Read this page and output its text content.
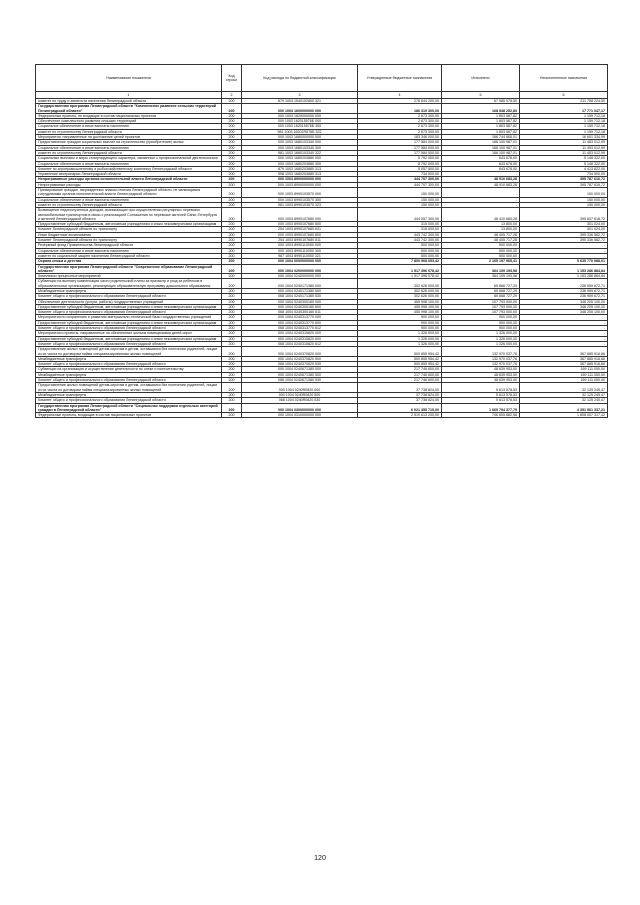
Наименование показателя	Код строки	Код расхода по бюджетной классификации	Утвержденные бюджетные назначения	Исполнено	Неисполненные назначения
1	2	3	4	5	6
комитет по труду и занятости населения Ленинградской области	200	879 1003 1540152800 321	278 844 200,00	67 085 975,50	211 758 224,50
Государственная программа Ленинградской области "Комплексное развитие сельских территорий Ленинградской области"	200	000 1003 1600000000 000	186 319 300,00	168 548 252,83	17 771 047,17
Федеральные проекты, не входящие в состав национальных проектов	200	000 1003 1620000000 000	2 673 300,00	1 803 587,82	1 159 712,18
Обеспечение комплексного развития сельских территорий	200	000 1003 162015576Б 000	2 673 300,00	1 803 587,82	1 159 712,18
Социальное обеспечение и иные выплаты населению	200	000 1003 162015576Б 300	2 673 300,00	1 803 587,82	1 159 712,18
комитет по строительству Ленинградской области	200	981 1003 16201R576Б 322	2 673 300,00	1 803 587,82	1 159 712,18
Мероприятия, направленные на достижение целей проектов	200	000 1003 1680000000 000	183 346 000,00	166 744 665,01	16 601 334,99
Предоставление граждан социальных выплат на строительство (приобретение) жилья	200	000 1003 1680103340 000	177 584 000,00	166 100 987,01	11 483 012,99
Социальное обеспечение и иные выплаты населению	200	000 1003 1680103340 300	177 584 000,00	166 100 987,01	11 453 012,99
комитет по строительству Ленинградской области	200	981 1003 1680103340 322	177 584 000,00	166 100 987,01	11 453 012,99
Социальные выплаты и меры стимулирующего характера, связанные с профессиональной деятельностью	200	000 1003 1680203880 000	5 792 000,00	643 678,00	5 148 322,00
Социальное обеспечение и иные выплаты населению	200	000 1003 1680203880 300	5 792 000,00	643 678,00	5 148 322,00
Комитет по агропромышленному и рыбохозяйственному комплексу Ленинградской области	200	879 1003 1680203880 313	5 057 500,00	643 678,00	4 413 822,00
Управление ветеринарии Ленинградской области	200	998 1003 1680203880 313	734 500,00	-	734 500,00
Непрограммные расходы органов исполнительной власти Ленинградской области	200	000 1003 8900000000 000	444 707 300,00	48 910 683,28	395 787 616,72
Непрограммные расходы	200	000 1003 8990000000 000	444 707 300,00	48 910 683,28	395 787 616,72
Премирование граждан, награжденных знаком отличия Ленинградской области, не являющимся сотрудниками органов исполнительной власти Ленинградской области	200	000 1003 8990103570 000	150 000,00	-	150 000,00
Социальное обеспечение и иные выплаты населению	200	000 1003 8990103570 300	150 000,00	-	150 000,00
комитет по строительству Ленинградской области	200	981 1003 8990103570 323	150 000,00	-	150 000,00
Возмещение недополученных доходов, возникающих при осуществлении регулярных перевозок автомобильным транспортом в связи с реализацией Соглашения по перевозке жителей Санкт-Петербурга и жителей Ленинградской области	200	000 1003 8990107680 000	444 057 300,00	48 410 683,28	395 637 616,72
Предоставление субсидий бюджетным, автономным учреждениям и иным некоммерческим организациям	200	000 1003 8990107680 600	315 000,00	13 800,00	301 024,00
Комитет Ленинградской области по транспорту	200	254 1003 8990107680 631	315 000,00	13 800,00	301 024,00
Иные бюджетные ассигнования	200	000 1003 8990107680 800	443 742 300,00	48 405 717,28	395 336 582,72
Комитет Ленинградской области по транспорту	200	254 1003 8990107680 811	443 742 300,00	48 405 717,28	395 336 582,72
Резервный фонд Правительства Ленинградской области	200	000 1003 8990110050 000	500 000,00	500 000,00	-
Социальное обеспечение и иные выплаты населению	200	000 1003 8990110050 300	500 000,00	500 000,00	-
комитет по социальной защите населения Ленинградской области	200	987 1003 8990110050 321	500 000,00	500 000,00	-
Охрана семьи и детства	200	000 1004 0000000000 000	7 800 968 653,42	2 165 197 965,41	5 635 770 988,01
Государственная программа Ленинградской области "Современное образование Ленинградской области"	200	000 1004 0200000000 000	1 517 396 078,42	364 109 193,58	1 153 286 884,84
Комплексы процессных мероприятий	200	000 1004 0240000000 000	1 517 396 078,42	364 109 193,58	1 153 286 884,84
Субвенции на выплату компенсации части родительской платы за присмотр и уход за ребенком в образовательных организациях, реализующих образовательную программу дошкольного образования	200	000 1004 0240171380 000	302 626 000,00	65 668 727,29	236 959 672,71
Межбюджетные трансферты	200	000 1004 0240171380 500	302 626 000,00	65 668 727,29	236 959 672,71
Комитет общего и профессионального образования Ленинградской области	200	068 1004 0240171380 530	302 626 000,00	65 668 727,29	236 959 672,71
Обеспечение деятельности (услуги, работы) государственных учреждений	200	000 1004 0240300160 000	455 998 100,00	107 793 000,00	348 205 100,00
Предоставление субсидий бюджетным, автономным учреждениям и иным некоммерческим организациям	200	000 1004 0240300160 600	455 998 100,00	107 793 000,00	348 205 100,00
Комитет общего и профессионального образования Ленинградской области	200	068 1004 0240300160 611	455 998 100,00	107 793 000,00	348 205 100,00
Мероприятия по сохранению и развитию материально-технической базы государственных учреждений	200	000 1004 0240313770 000	900 000,00	900 000,00	-
Предоставление субсидий бюджетным, автономным учреждениям и иным некоммерческим организациям	200	000 1004 0240313770 600	900 000,00	900 000,00	-
Комитет общего и профессионального образования Ленинградской области	200	068 1004 0240313770 612	900 000,00	900 000,00	-
Мероприятия и проекты, направленные на обеспечение жильем помещениями детей-сирот	200	000 1004 0240315820 000	1 326 000,00	1 326 000,00	-
Предоставление субсидий бюджетным, автономным учреждениям и иным некоммерческим организациям	200	000 1004 0240315820 600	1 326 000,00	1 326 000,00	-
Комитет общего и профессионального образования Ленинградской области	200	068 1004 0240315820 612	1 326 000,00	1 326 000,00	-
Предоставление жилых помещений детям-сиротам и детям, оставшимся без попечения родителей, лицам из их числа по договорам найма специализированных жилых помещений	200	000 1004 0240370820 000	500 855 954,42	132 970 037,76	367 885 916,66
Межбюджетные трансферты	200	000 1004 0240370820 500	500 855 954,42	132 970 037,76	367 885 916,66
Комитет общего и профессионального образования Ленинградской области	200	068 1004 0240370820 530	500 855 954,42	132 970 037,76	367 885 916,66
Субвенции на организацию и осуществление деятельности по опеке и попечительству	200	000 1004 0240671380 000	217 746 600,00	48 639 953,00	169 111 050,00
Межбюджетные трансферты	200	000 1004 0240671380 500	217 746 600,00	48 639 953,00	169 111 050,00
Комитет общего и профессионального образования Ленинградской области	200	068 1004 0240671380 530	217 746 600,00	48 639 953,00	169 111 050,00
Предоставление жилых помещений детям-сиротам и детям, оставшимся без попечения родителей, лицам из их числа по договорам найма специализированных жилых помещений	200	000 1004 0240R0820 000	37 738 824,00	5 613 578,53	32 125 245,47
Межбюджетные трансферты	200	000 1004 0240R0820 500	37 738 824,00	5 613 578,53	32 125 245,47
Комитет общего и профессионального образования Ленинградской области	200	068 1004 0240R0820 530	37 738 824,00	5 613 578,53	32 125 245,47
Государственная программа Ленинградской области "Социальная поддержка отдельных категорий граждан в Ленинградской области"	200	000 1004 0300000000 000	6 021 355 715,00	1 669 794 377,79	4 351 561 337,21
Федеральные проекты, входящие в состав национальных проектов	200	000 1004 0310000000 000	2 519 613 200,00	706 605 882,58	1 808 007 317,42
120
